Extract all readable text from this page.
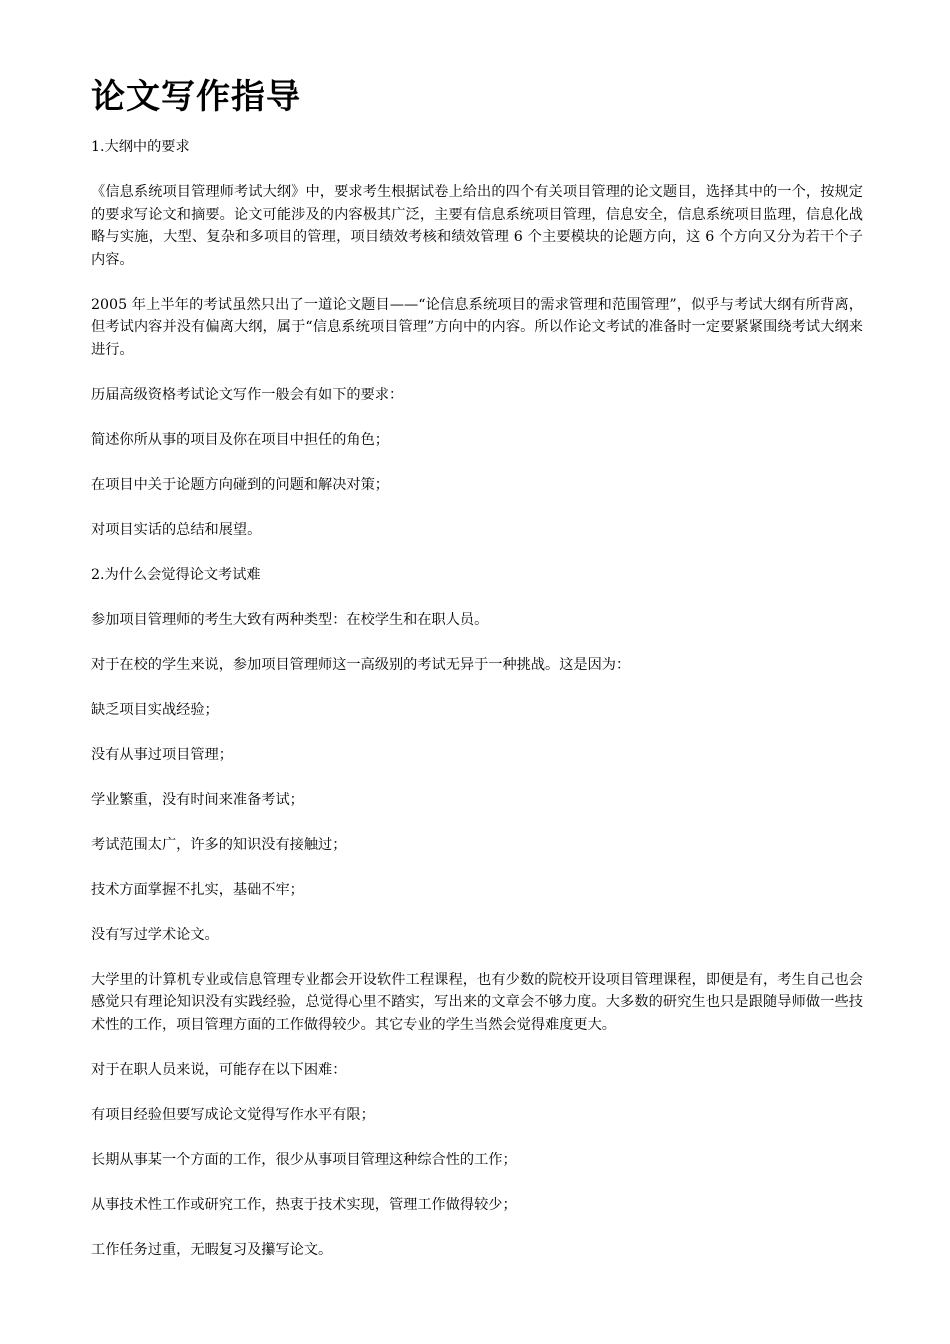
论文写作指导

1.大纲中的要求

《信息系统项目管理师考试大纲》中，要求考生根据试卷上给出的四个有关项目管理的论文题目，选择其中的一个，按规定的要求写论文和摘要。论文可能涉及的内容极其广泛，主要有信息系统项目管理，信息安全，信息系统项目监理，信息化战略与实施，大型、复杂和多项目的管理，项目绩效考核和绩效管理 6 个主要模块的论题方向，这 6 个方向又分为若干个子内容。

2005 年上半年的考试虽然只出了一道论文题目——“论信息系统项目的需求管理和范围管理”，似乎与考试大纲有所背离，但考试内容并没有偏离大纲，属于“信息系统项目管理”方向中的内容。所以作论文考试的准备时一定要紧紧围绕考试大纲来进行。

历届高级资格考试论文写作一般会有如下的要求：

简述你所从事的项目及你在项目中担任的角色；

在项目中关于论题方向碰到的问题和解决对策；

对项目实话的总结和展望。

2.为什么会觉得论文考试难

参加项目管理师的考生大致有两种类型：在校学生和在职人员。

对于在校的学生来说，参加项目管理师这一高级别的考试无异于一种挑战。这是因为：

缺乏项目实战经验；

没有从事过项目管理；

学业繁重，没有时间来准备考试；

考试范围太广，许多的知识没有接触过；

技术方面掌握不扎实，基础不牢；

没有写过学术论文。

大学里的计算机专业或信息管理专业都会开设软件工程课程，也有少数的院校开设项目管理课程，即便是有，考生自己也会感觉只有理论知识没有实践经验，总觉得心里不踏实，写出来的文章会不够力度。大多数的研究生也只是跟随导师做一些技术性的工作，项目管理方面的工作做得较少。其它专业的学生当然会觉得难度更大。

对于在职人员来说，可能存在以下困难：

有项目经验但要写成论文觉得写作水平有限；

长期从事某一个方面的工作，很少从事项目管理这种综合性的工作；

从事技术性工作或研究工作，热衷于技术实现，管理工作做得较少；

工作任务过重，无暇复习及攥写论文。
